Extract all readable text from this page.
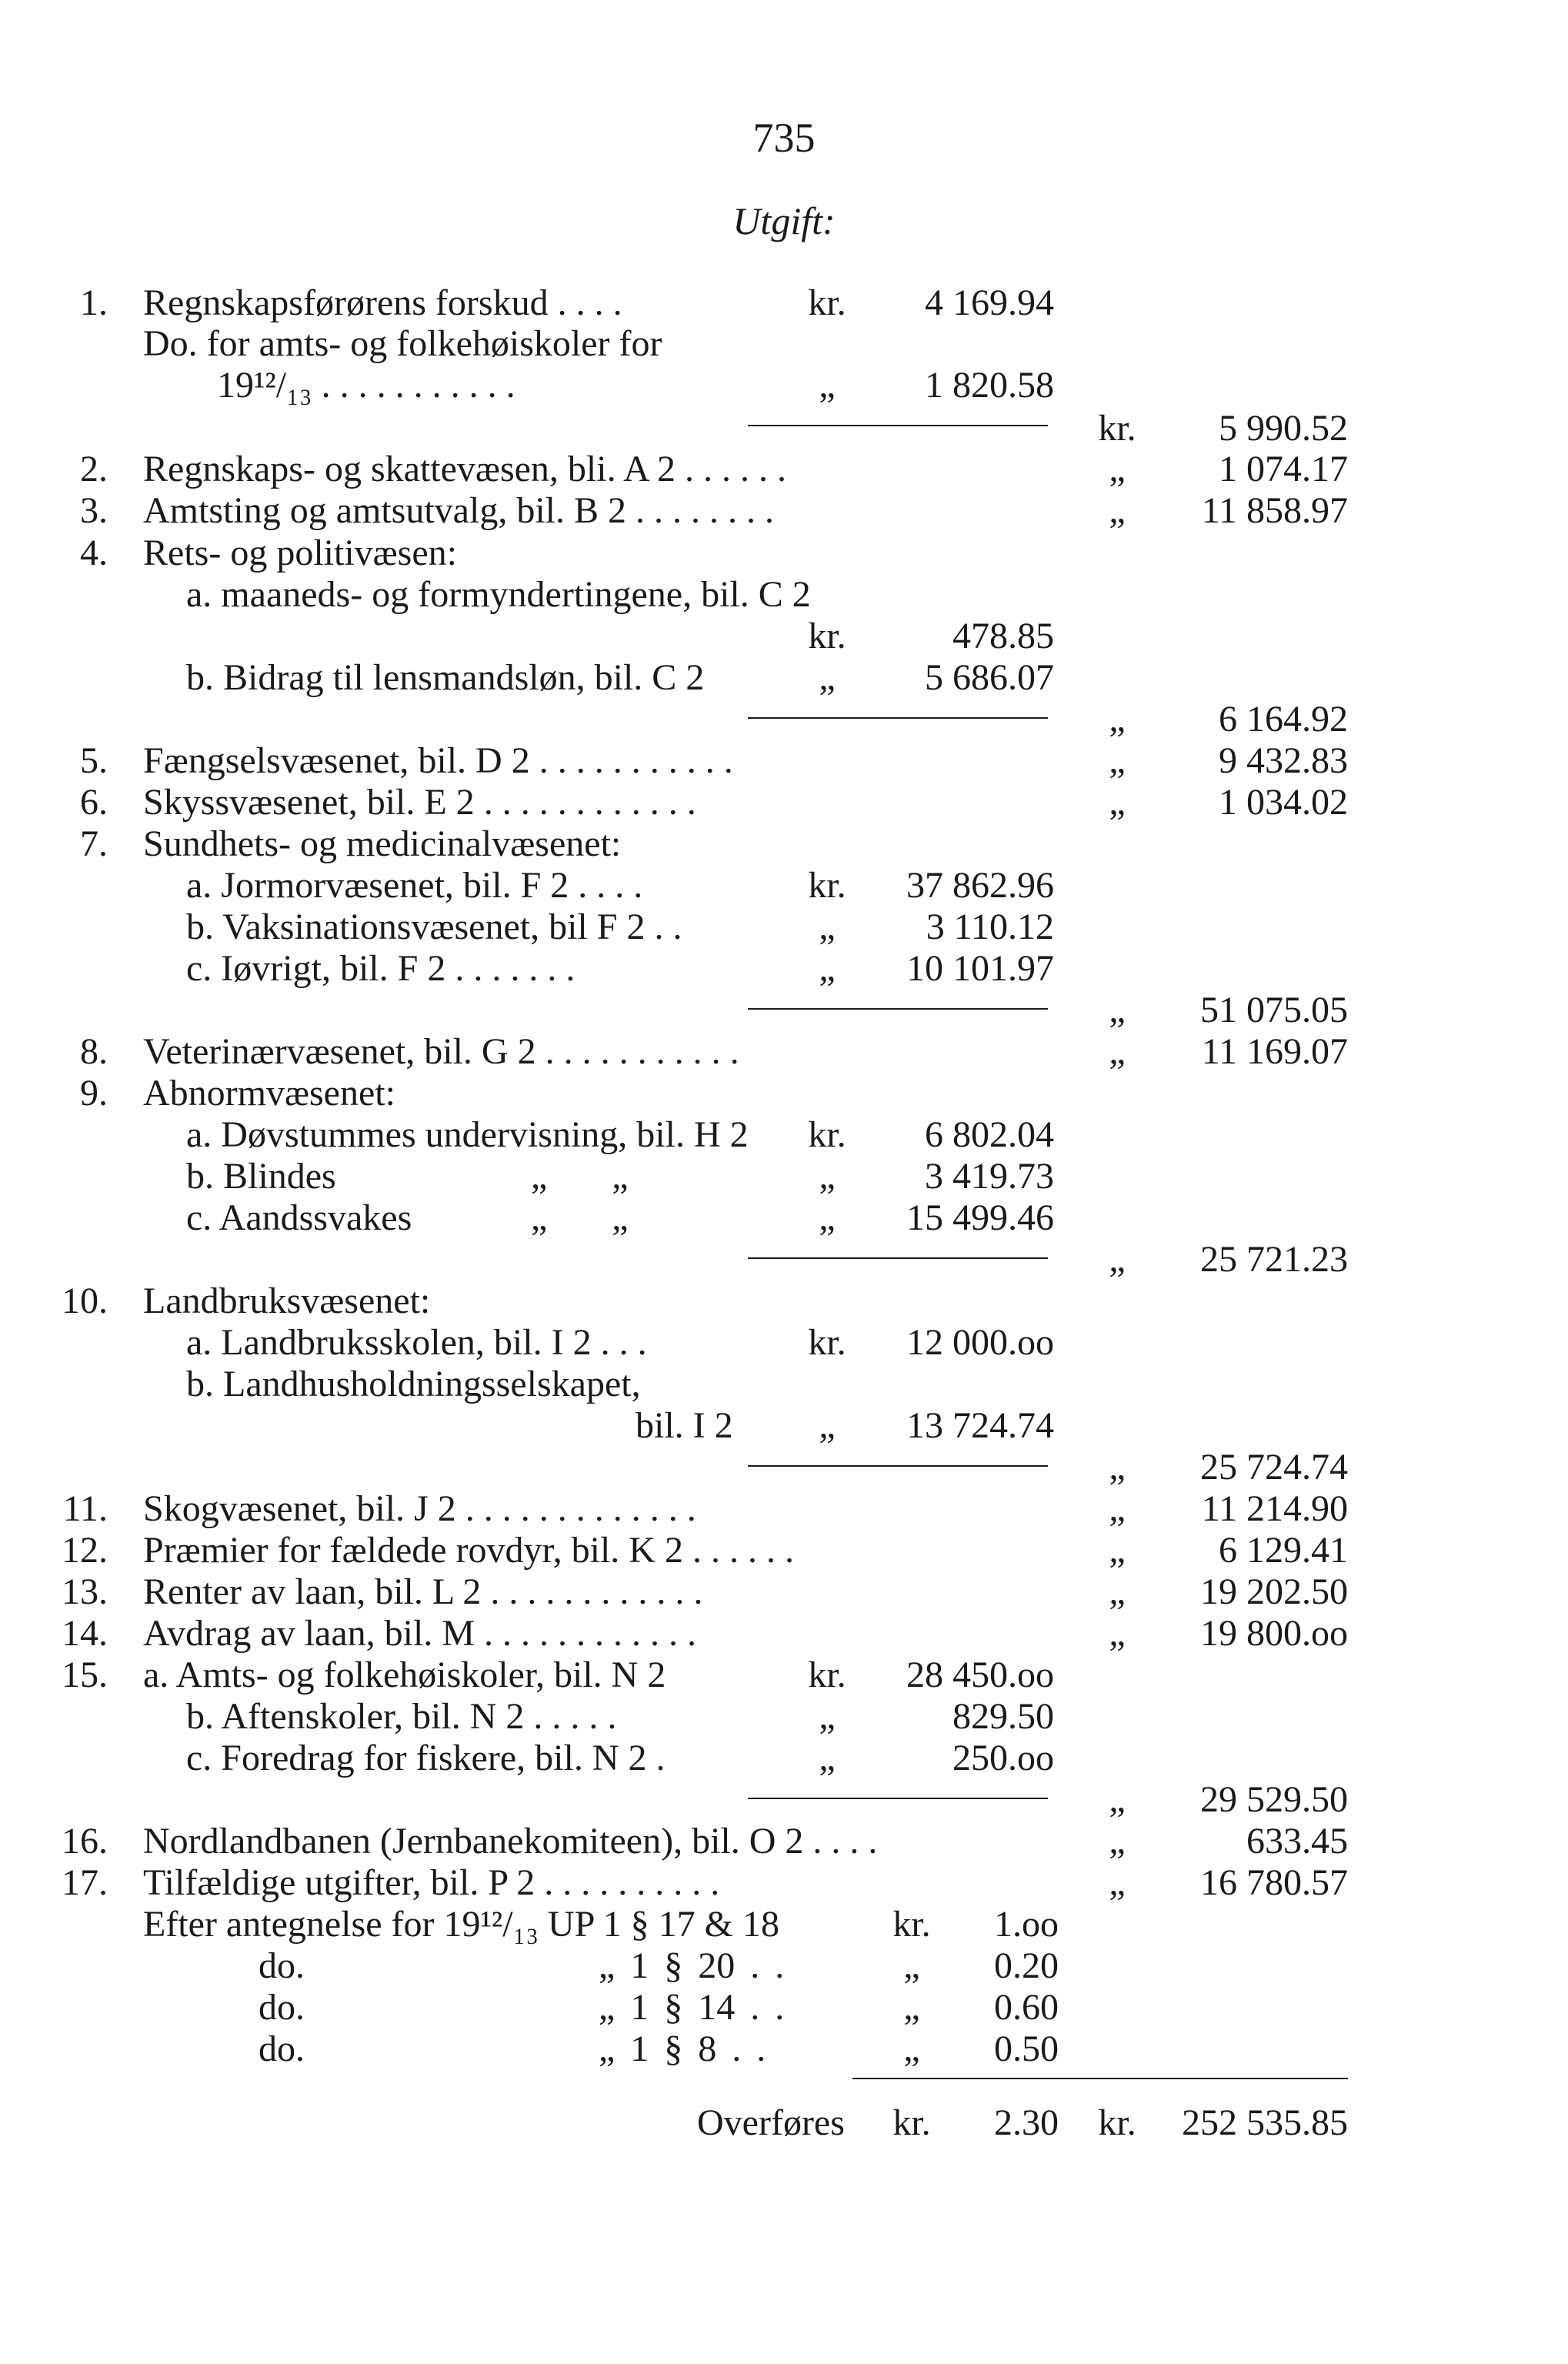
735
Utgift:
1. Regnskapsførørens forskud . . . .	kr. 4 169.94
Do. for amts- og folkehøiskoler for
19¹²/₁₃ . . . . . . . . . . .	„	1 820.58
kr.	5 990.52
2. Regnskaps- og skattevæsen, bli. A 2 . . . . . .	„	1 074.17
3. Amtsting og amtsutvalg, bil. B 2 . . . . . . . .	„	11 858.97
4. Rets- og politivæsen:
a. maaneds- og formyndertingene, bil. C 2
kr.	478.85
b. Bidrag til lensmandsløn, bil. C 2	„	5 686.07
„	6 164.92
5. Fængselsvæsenet, bil. D 2 . . . . . . . . . . .	„	9 432.83
6. Skyssvæsenet, bil. E 2 . . . . . . . . . . . .	„	1 034.02
7. Sundhets- og medicinalvæsenet:
a. Jormorvæsenet, bil. F 2 . . . .	kr. 37 862.96
b. Vaksinationsvæsenet, bil F 2 . .	„	3 110.12
c. Iøvrigt, bil. F 2 . . . . . . .	„	10 101.97
„	51 075.05
8. Veterinærvæsenet, bil. G 2 . . . . . . . . . . .	„	11 169.07
9. Abnormvæsenet:
a. Døvstummes undervisning, bil. H 2 kr. 6 802.04
b. Blindes	„ „	„	3 419.73
c. Aandssvakes	„ „	„	15 499.46
„	25 721.23
10. Landbruksvæsenet:
a. Landbruksskolen, bil. I 2 . . .	kr. 12 000.oo
b. Landhusholdningsselskapet,
bil. I 2	„	13 724.74
„	25 724.74
11. Skogvæsenet, bil. J 2 . . . . . . . . . . . . .	„	11 214.90
12. Præmier for fældede rovdyr, bil. K 2 . . . . . .	„	6 129.41
13. Renter av laan, bil. L 2 . . . . . . . . . . . .	„	19 202.50
14. Avdrag av laan, bil. M . . . . . . . . . . . .	„	19 800.oo
15. a. Amts- og folkehøiskoler, bil. N 2	kr. 28 450.oo
b. Aftenskoler, bil. N 2 . . . . .	„	829.50
c. Foredrag for fiskere, bil. N 2 .	„	250.oo
„	29 529.50
16. Nordlandbanen (Jernbanekomiteen), bil. O 2 . . . .	„	633.45
17. Tilfældige utgifter, bil. P 2 . . . . . . . . . .	„	16 780.57
Efter antegnelse for 19¹²/₁₃ UP 1 § 17 & 18	kr. 1.oo
do.	„ 1 § 20 . .	„	0.20
do.	„ 1 § 14 . .	„	0.60
do.	„ 1 § 8 . .	„	0.50
Overføres kr. 2.30	kr.	252 535.85
